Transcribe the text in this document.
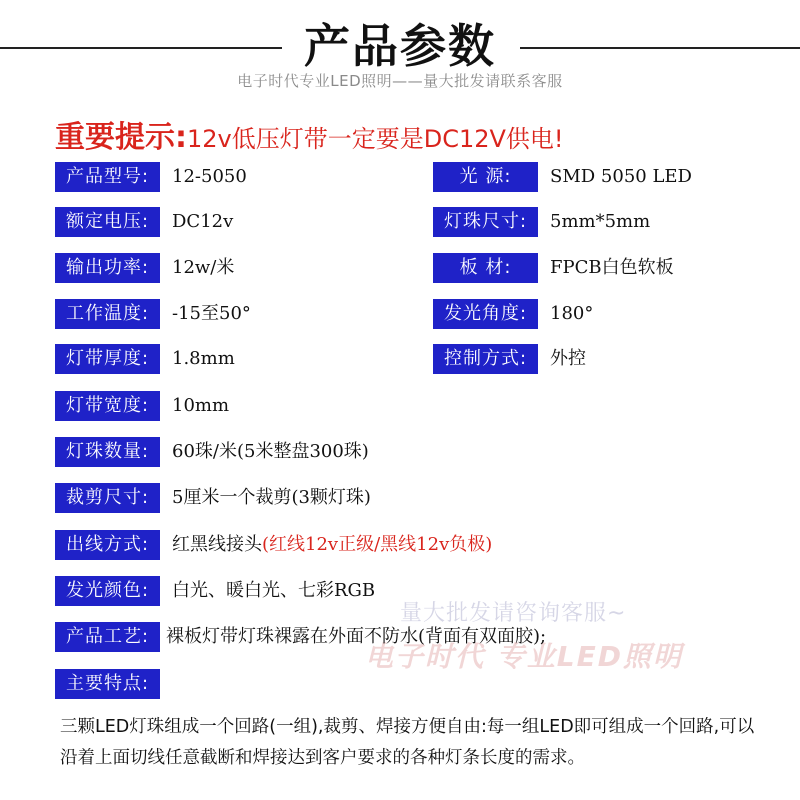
产品参数
电子时代专业LED照明——量大批发请联系客服
重要提示:12v低压灯带一定要是DC12V供电!
产品型号:	12-5050	光 源:	SMD 5050 LED
额定电压:	DC12v	灯珠尺寸:	5mm*5mm
输出功率:	12w/米	板 材:	FPCB白色软板
工作温度:	-15至50°	发光角度:	180°
灯带厚度:	1.8mm	控制方式:	外控
灯带宽度:	10mm
灯珠数量:	60珠/米(5米整盘300珠)
裁剪尺寸:	5厘米一个裁剪(3颗灯珠)
出线方式:	红黑线接头(红线12v正级/黑线12v负极)
发光颜色:	白光、暖白光、七彩RGB
量大批发请咨询客服~
电子时代 专业LED照明
产品工艺: 裸板灯带灯珠裸露在外面不防水(背面有双面胶);
主要特点:
三颗LED灯珠组成一个回路(一组),裁剪、焊接方便自由:每一组LED即可组成一个回路,可以沿着上面切线任意截断和焊接达到客户要求的各种灯条长度的需求。
